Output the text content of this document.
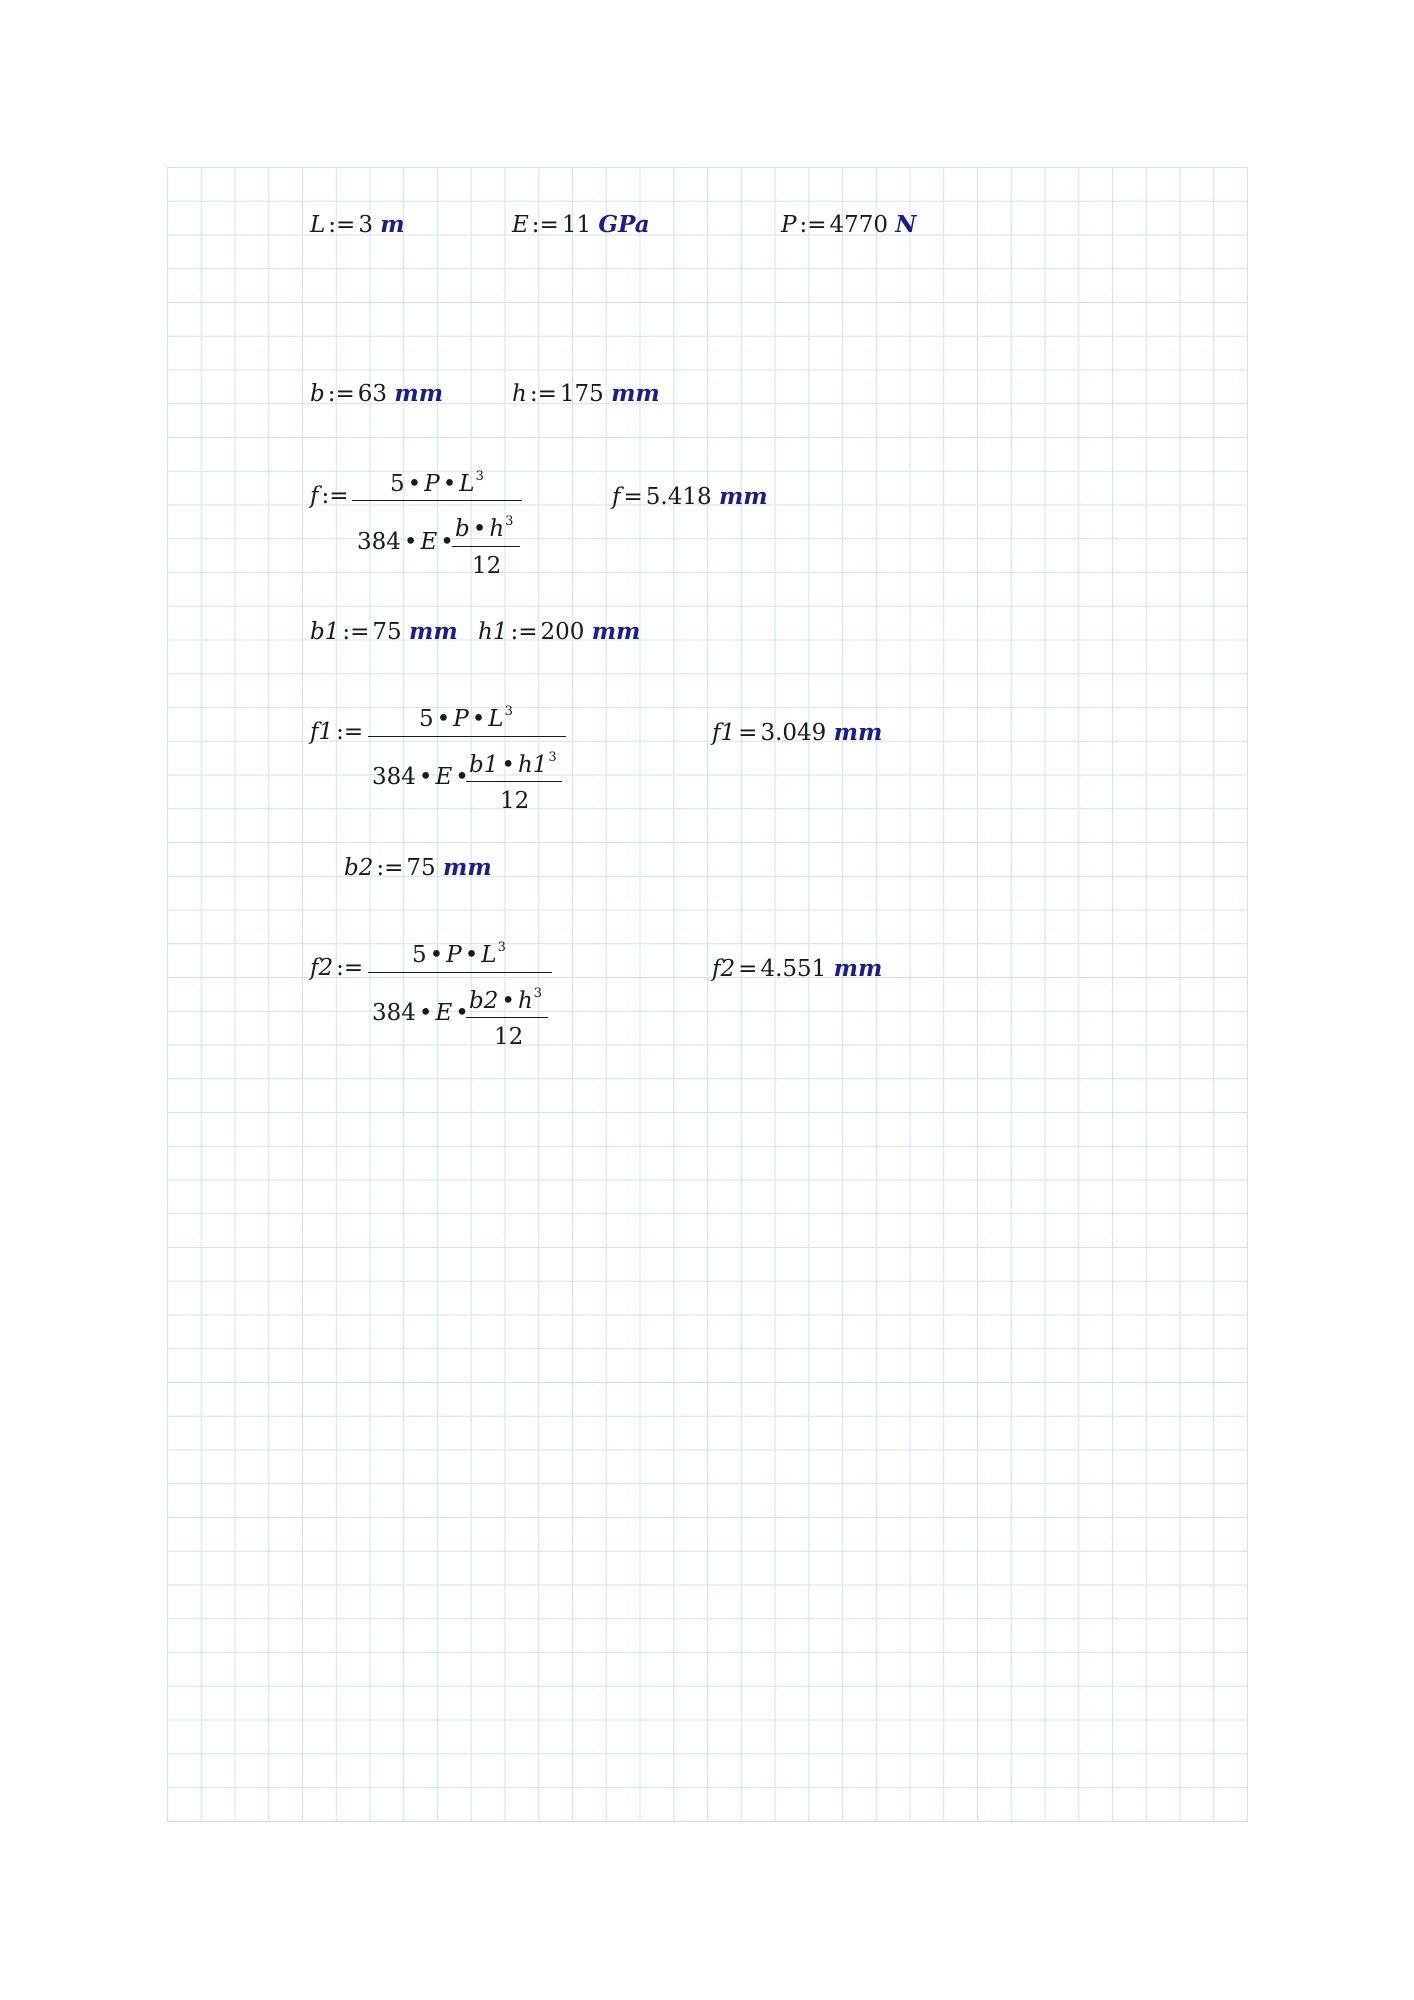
L := 3 m	E := 11 GPa	P := 4770 N
b := 63 mm	h := 175 mm
f := 5 • P • $L^3$
384 • E • b • $h^3$
12
f = 5.418 mm
b1 := 75 mm h1 := 200 mm
f1 := 5 • P • $L^3$
384 • E • b1 • $h1^3$
12
f1 = 3.049 mm
b2 := 75 mm
f2 := 5 • P • $L^3$
384 • E • b2 • $h^3$
12
f2 = 4.551 mm
